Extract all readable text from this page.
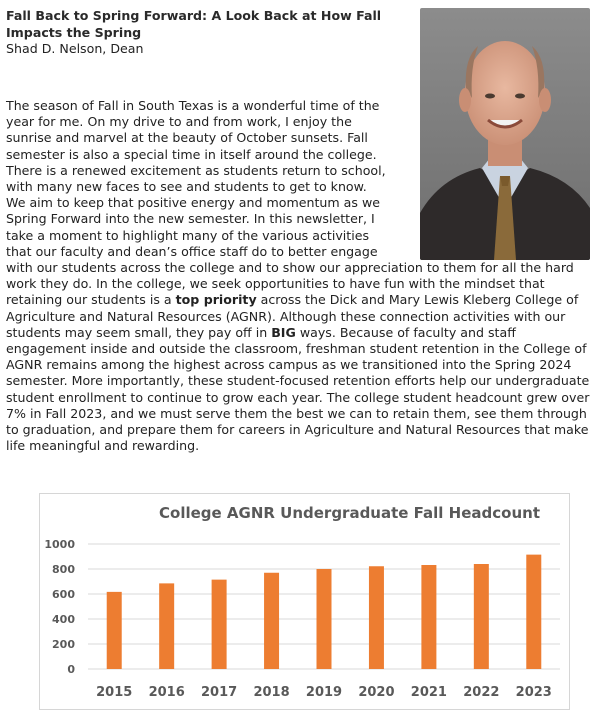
Fall Back to Spring Forward: A Look Back at How Fall Impacts the Spring

Shad D. Nelson, Dean

The season of Fall in South Texas is a wonderful time of the year for me. On my drive to and from work, I enjoy the sunrise and marvel at the beauty of October sunsets. Fall semester is also a special time in itself around the college. There is a renewed excitement as students return to school, with many new faces to see and students to get to know. We aim to keep that positive energy and momentum as we Spring Forward into the new semester. In this newsletter, I take a moment to highlight many of the various activities that our faculty and dean’s office staff do to better engage with our students across the college and to show our appreciation to them for all the hard work they do. In the college, we seek opportunities to have fun with the mindset that retaining our students is a top priority across the Dick and Mary Lewis Kleberg College of Agriculture and Natural Resources (AGNR). Although these connection activities with our students may seem small, they pay off in BIG ways. Because of faculty and staff engagement inside and outside the classroom, freshman student retention in the College of AGNR remains among the highest across campus as we transitioned into the Spring 2024 semester. More importantly, these student-focused retention efforts help our undergraduate student enrollment to continue to grow each year. The college student headcount grew over 7% in Fall 2023, and we must serve them the best we can to retain them, see them through to graduation, and prepare them for careers in Agriculture and Natural Resources that make life meaningful and rewarding.

College AGNR Undergraduate Fall Headcount
0
200
400
600
800
1000
2015 2016 2017 2018 2019 2020 2021 2022 2023
